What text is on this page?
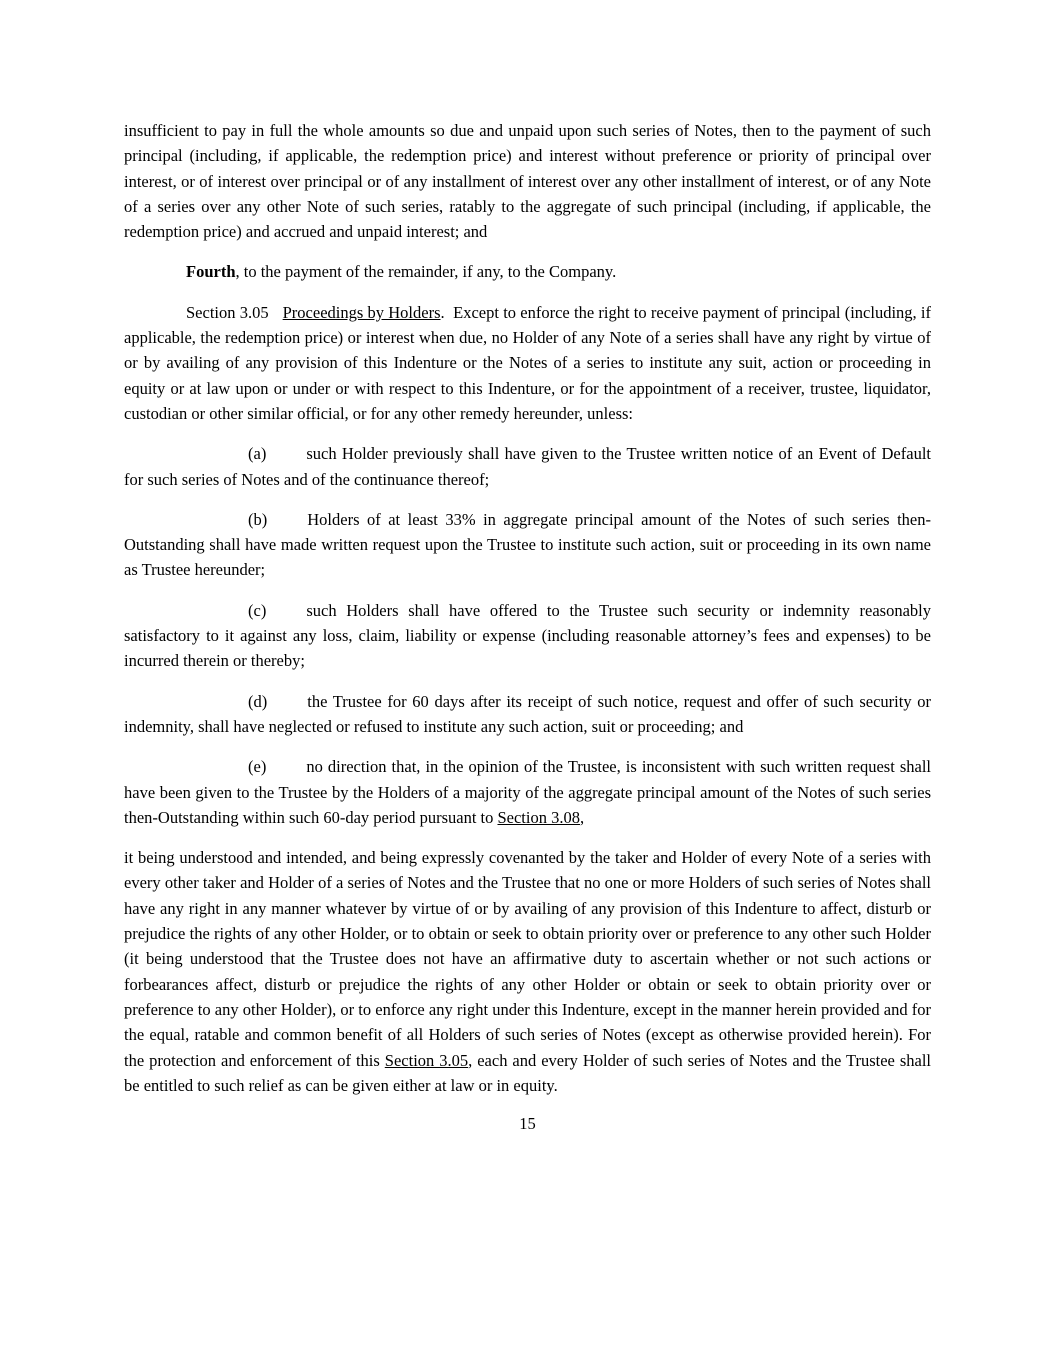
insufficient to pay in full the whole amounts so due and unpaid upon such series of Notes, then to the payment of such principal (including, if applicable, the redemption price) and interest without preference or priority of principal over interest, or of interest over principal or of any installment of interest over any other installment of interest, or of any Note of a series over any other Note of such series, ratably to the aggregate of such principal (including, if applicable, the redemption price) and accrued and unpaid interest; and

Fourth, to the payment of the remainder, if any, to the Company.

Section 3.05 Proceedings by Holders.  Except to enforce the right to receive payment of principal (including, if applicable, the redemption price) or interest when due, no Holder of any Note of a series shall have any right by virtue of or by availing of any provision of this Indenture or the Notes of a series to institute any suit, action or proceeding in equity or at law upon or under or with respect to this Indenture, or for the appointment of a receiver, trustee, liquidator, custodian or other similar official, or for any other remedy hereunder, unless:

(a) such Holder previously shall have given to the Trustee written notice of an Event of Default for such series of Notes and of the continuance thereof;

(b) Holders of at least 33% in aggregate principal amount of the Notes of such series then-Outstanding shall have made written request upon the Trustee to institute such action, suit or proceeding in its own name as Trustee hereunder;

(c) such Holders shall have offered to the Trustee such security or indemnity reasonably satisfactory to it against any loss, claim, liability or expense (including reasonable attorney’s fees and expenses) to be incurred therein or thereby;

(d) the Trustee for 60 days after its receipt of such notice, request and offer of such security or indemnity, shall have neglected or refused to institute any such action, suit or proceeding; and

(e) no direction that, in the opinion of the Trustee, is inconsistent with such written request shall have been given to the Trustee by the Holders of a majority of the aggregate principal amount of the Notes of such series then-Outstanding within such 60-day period pursuant to Section 3.08,

it being understood and intended, and being expressly covenanted by the taker and Holder of every Note of a series with every other taker and Holder of a series of Notes and the Trustee that no one or more Holders of such series of Notes shall have any right in any manner whatever by virtue of or by availing of any provision of this Indenture to affect, disturb or prejudice the rights of any other Holder, or to obtain or seek to obtain priority over or preference to any other such Holder (it being understood that the Trustee does not have an affirmative duty to ascertain whether or not such actions or forbearances affect, disturb or prejudice the rights of any other Holder or obtain or seek to obtain priority over or preference to any other Holder), or to enforce any right under this Indenture, except in the manner herein provided and for the equal, ratable and common benefit of all Holders of such series of Notes (except as otherwise provided herein). For the protection and enforcement of this Section 3.05, each and every Holder of such series of Notes and the Trustee shall be entitled to such relief as can be given either at law or in equity.

15
